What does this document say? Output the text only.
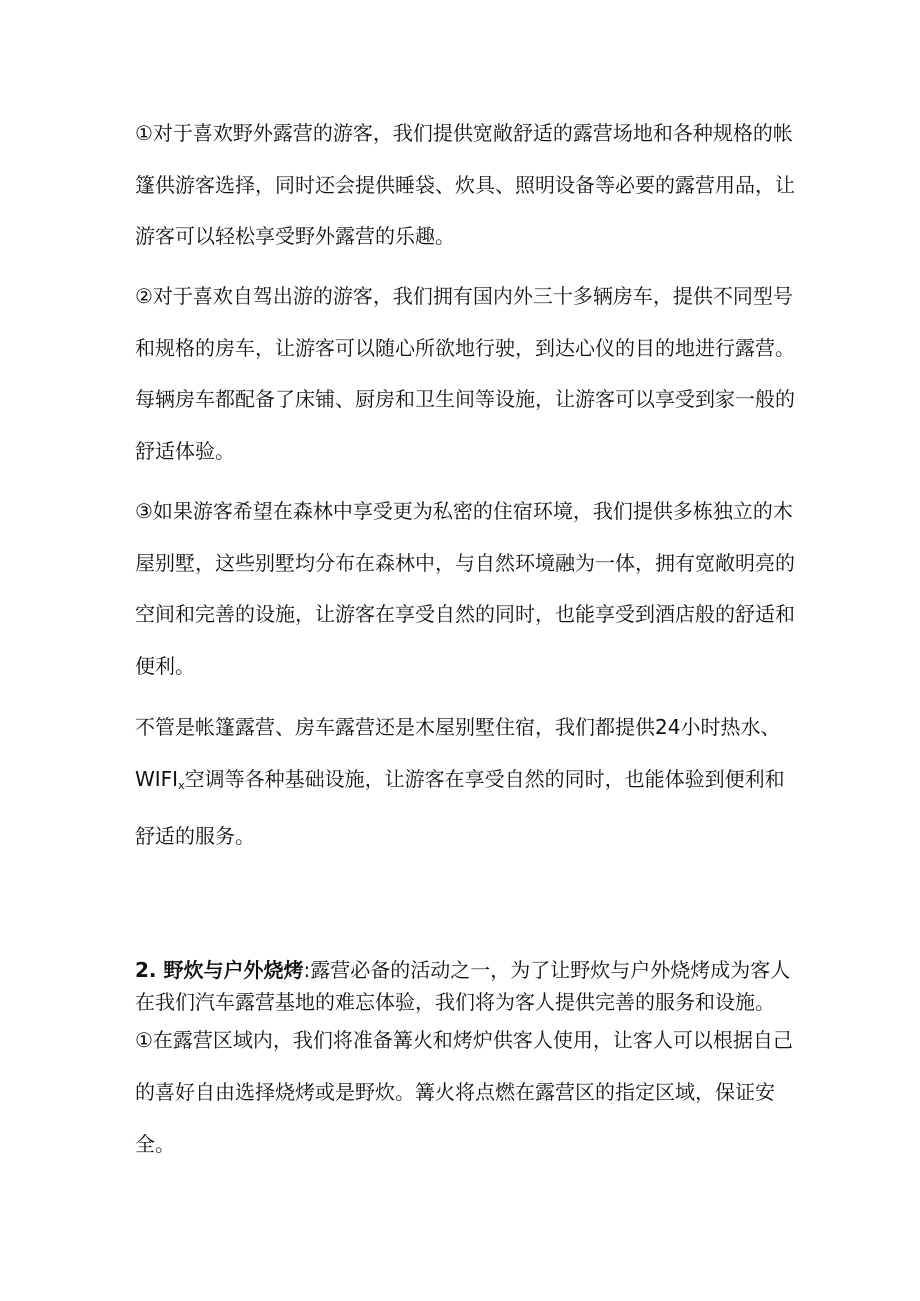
①对于喜欢野外露营的游客，我们提供宽敞舒适的露营场地和各种规格的帐篷供游客选择，同时还会提供睡袋、炊具、照明设备等必要的露营用品，让游客可以轻松享受野外露营的乐趣。

②对于喜欢自驾出游的游客，我们拥有国内外三十多辆房车，提供不同型号和规格的房车，让游客可以随心所欲地行驶，到达心仪的目的地进行露营。每辆房车都配备了床铺、厨房和卫生间等设施，让游客可以享受到家一般的舒适体验。

③如果游客希望在森林中享受更为私密的住宿环境，我们提供多栋独立的木屋别墅，这些别墅均分布在森林中，与自然环境融为一体，拥有宽敞明亮的空间和完善的设施，让游客在享受自然的同时，也能享受到酒店般的舒适和便利。

不管是帐篷露营、房车露营还是木屋别墅住宿，我们都提供24小时热水、$WIFI_x$空调等各种基础设施，让游客在享受自然的同时，也能体验到便利和舒适的服务。

2. 野炊与户外烧烤:露营必备的活动之一，为了让野炊与户外烧烤成为客人在我们汽车露营基地的难忘体验，我们将为客人提供完善的服务和设施。

①在露营区域内，我们将准备篝火和烤炉供客人使用，让客人可以根据自己的喜好自由选择烧烤或是野炊。篝火将点燃在露营区的指定区域，保证安全。
